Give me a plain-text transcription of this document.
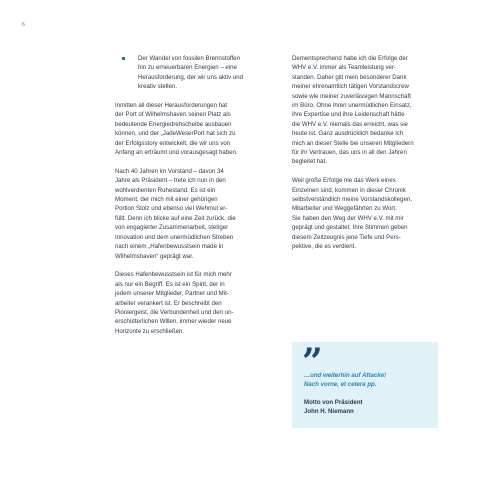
6
Der Wandel von fossilen Brennstoffen
hin zu erneuerbaren Energien – eine
Herausforderung, der wir uns aktiv und
kreativ stellen.

Inmitten all dieser Herausforderungen hat
der Port of Wilhelmshaven seinen Platz als
bedeutende Energiedrehscheibe ausbauen
können, und der „JadeWeserPort hat sich zu
der Erfolgsstory entwickelt, die wir uns von
Anfang an erträumt und vorausgesagt haben.

Nach 40 Jahren im Vorstand – davon 34
Jahre als Präsident – trete ich nun in den
wohlverdienten Ruhestand. Es ist ein
Moment, der mich mit einer gehörigen
Portion Stolz und ebenso viel Wehmut er-
füllt. Denn ich blicke auf eine Zeit zurück, die
von engagierter Zusammenarbeit, stetiger
Innovation und dem unermüdlichen Streben
nach einem „Hafenbewusstsein made in
Wilhelmshaven“ geprägt war.

Dieses Hafenbewusstsein ist für mich mehr
als nur ein Begriff. Es ist ein Spirit, der in
jedem unserer Mitglieder, Partner und Mit-
arbeiter verankert ist. Er beschreibt den
Pioniergeist, die Verbundenheit und den un-
erschütterlichen Willen, immer wieder neue
Horizonte zu erschließen.

Dementsprechend habe ich die Erfolge der
WHV e.V. immer als Teamleistung ver-
standen. Daher gilt mein besonderer Dank
meiner ehrenamtlich tätigen Vorstandscrew
sowie wie meiner zuverlässigen Mannschaft
im Büro. Ohne ihren unermüdlichen Einsatz,
ihre Expertise und ihre Leidenschaft hätte
die WHV e.V. niemals das erreicht, was sie
heute ist. Ganz ausdrücklich bedanke ich
mich an dieser Stelle bei unseren Mitgliedern
für ihr Vertrauen, das uns in all den Jahren
begleitet hat.

Weil große Erfolge nie das Werk eines
Einzelnen sind, kommen in dieser Chronik
selbstverständlich meine Vorstandskollegen,
Mitarbeiter und Weggefährten zu Wort.
Sie haben den Weg der WHV e.V. mit mir
geprägt und gestaltet. Ihre Stimmen geben
diesem Zeitzeugnis jene Tiefe und Pers-
pektive, die es verdient.

”
…und weiterhin auf Attacke!
Nach vorne, et cetera pp.
Motto von Präsident
John H. Niemann
